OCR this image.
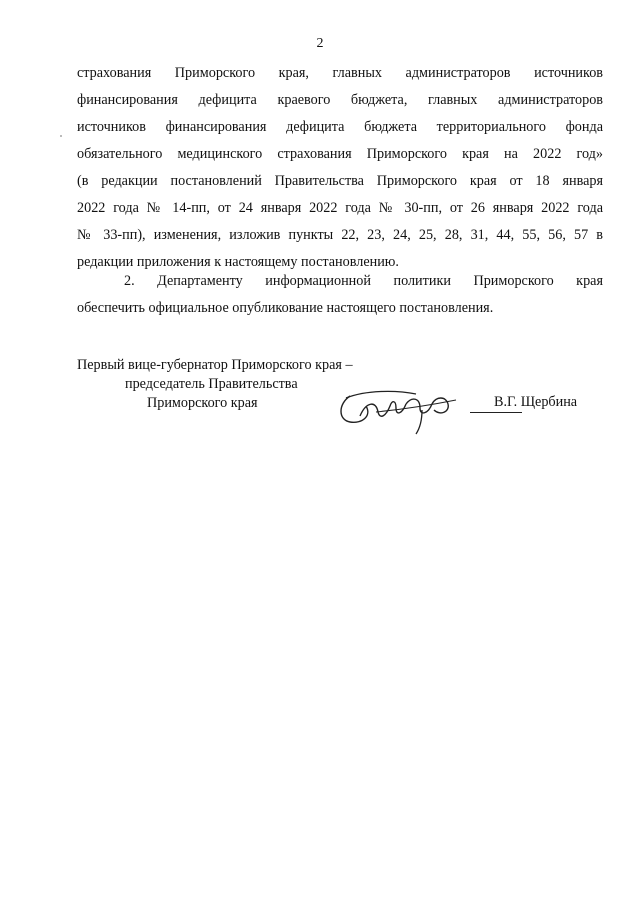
2
страхования Приморского края, главных администраторов источников
финансирования дефицита краевого бюджета, главных администраторов
источников финансирования дефицита бюджета территориального фонда
обязательного медицинского страхования Приморского края на 2022 год»
(в редакции постановлений Правительства Приморского края от 18 января
2022 года № 14-пп, от 24 января 2022 года № 30-пп, от 26 января 2022 года
№ 33-пп), изменения, изложив пункты 22, 23, 24, 25, 28, 31, 44, 55, 56, 57 в
редакции приложения к настоящему постановлению.
2. Департаменту информационной политики Приморского края
обеспечить официальное опубликование настоящего постановления.
Первый вице-губернатор Приморского края –
председатель Правительства
Приморского края	В.Г. Щербина
